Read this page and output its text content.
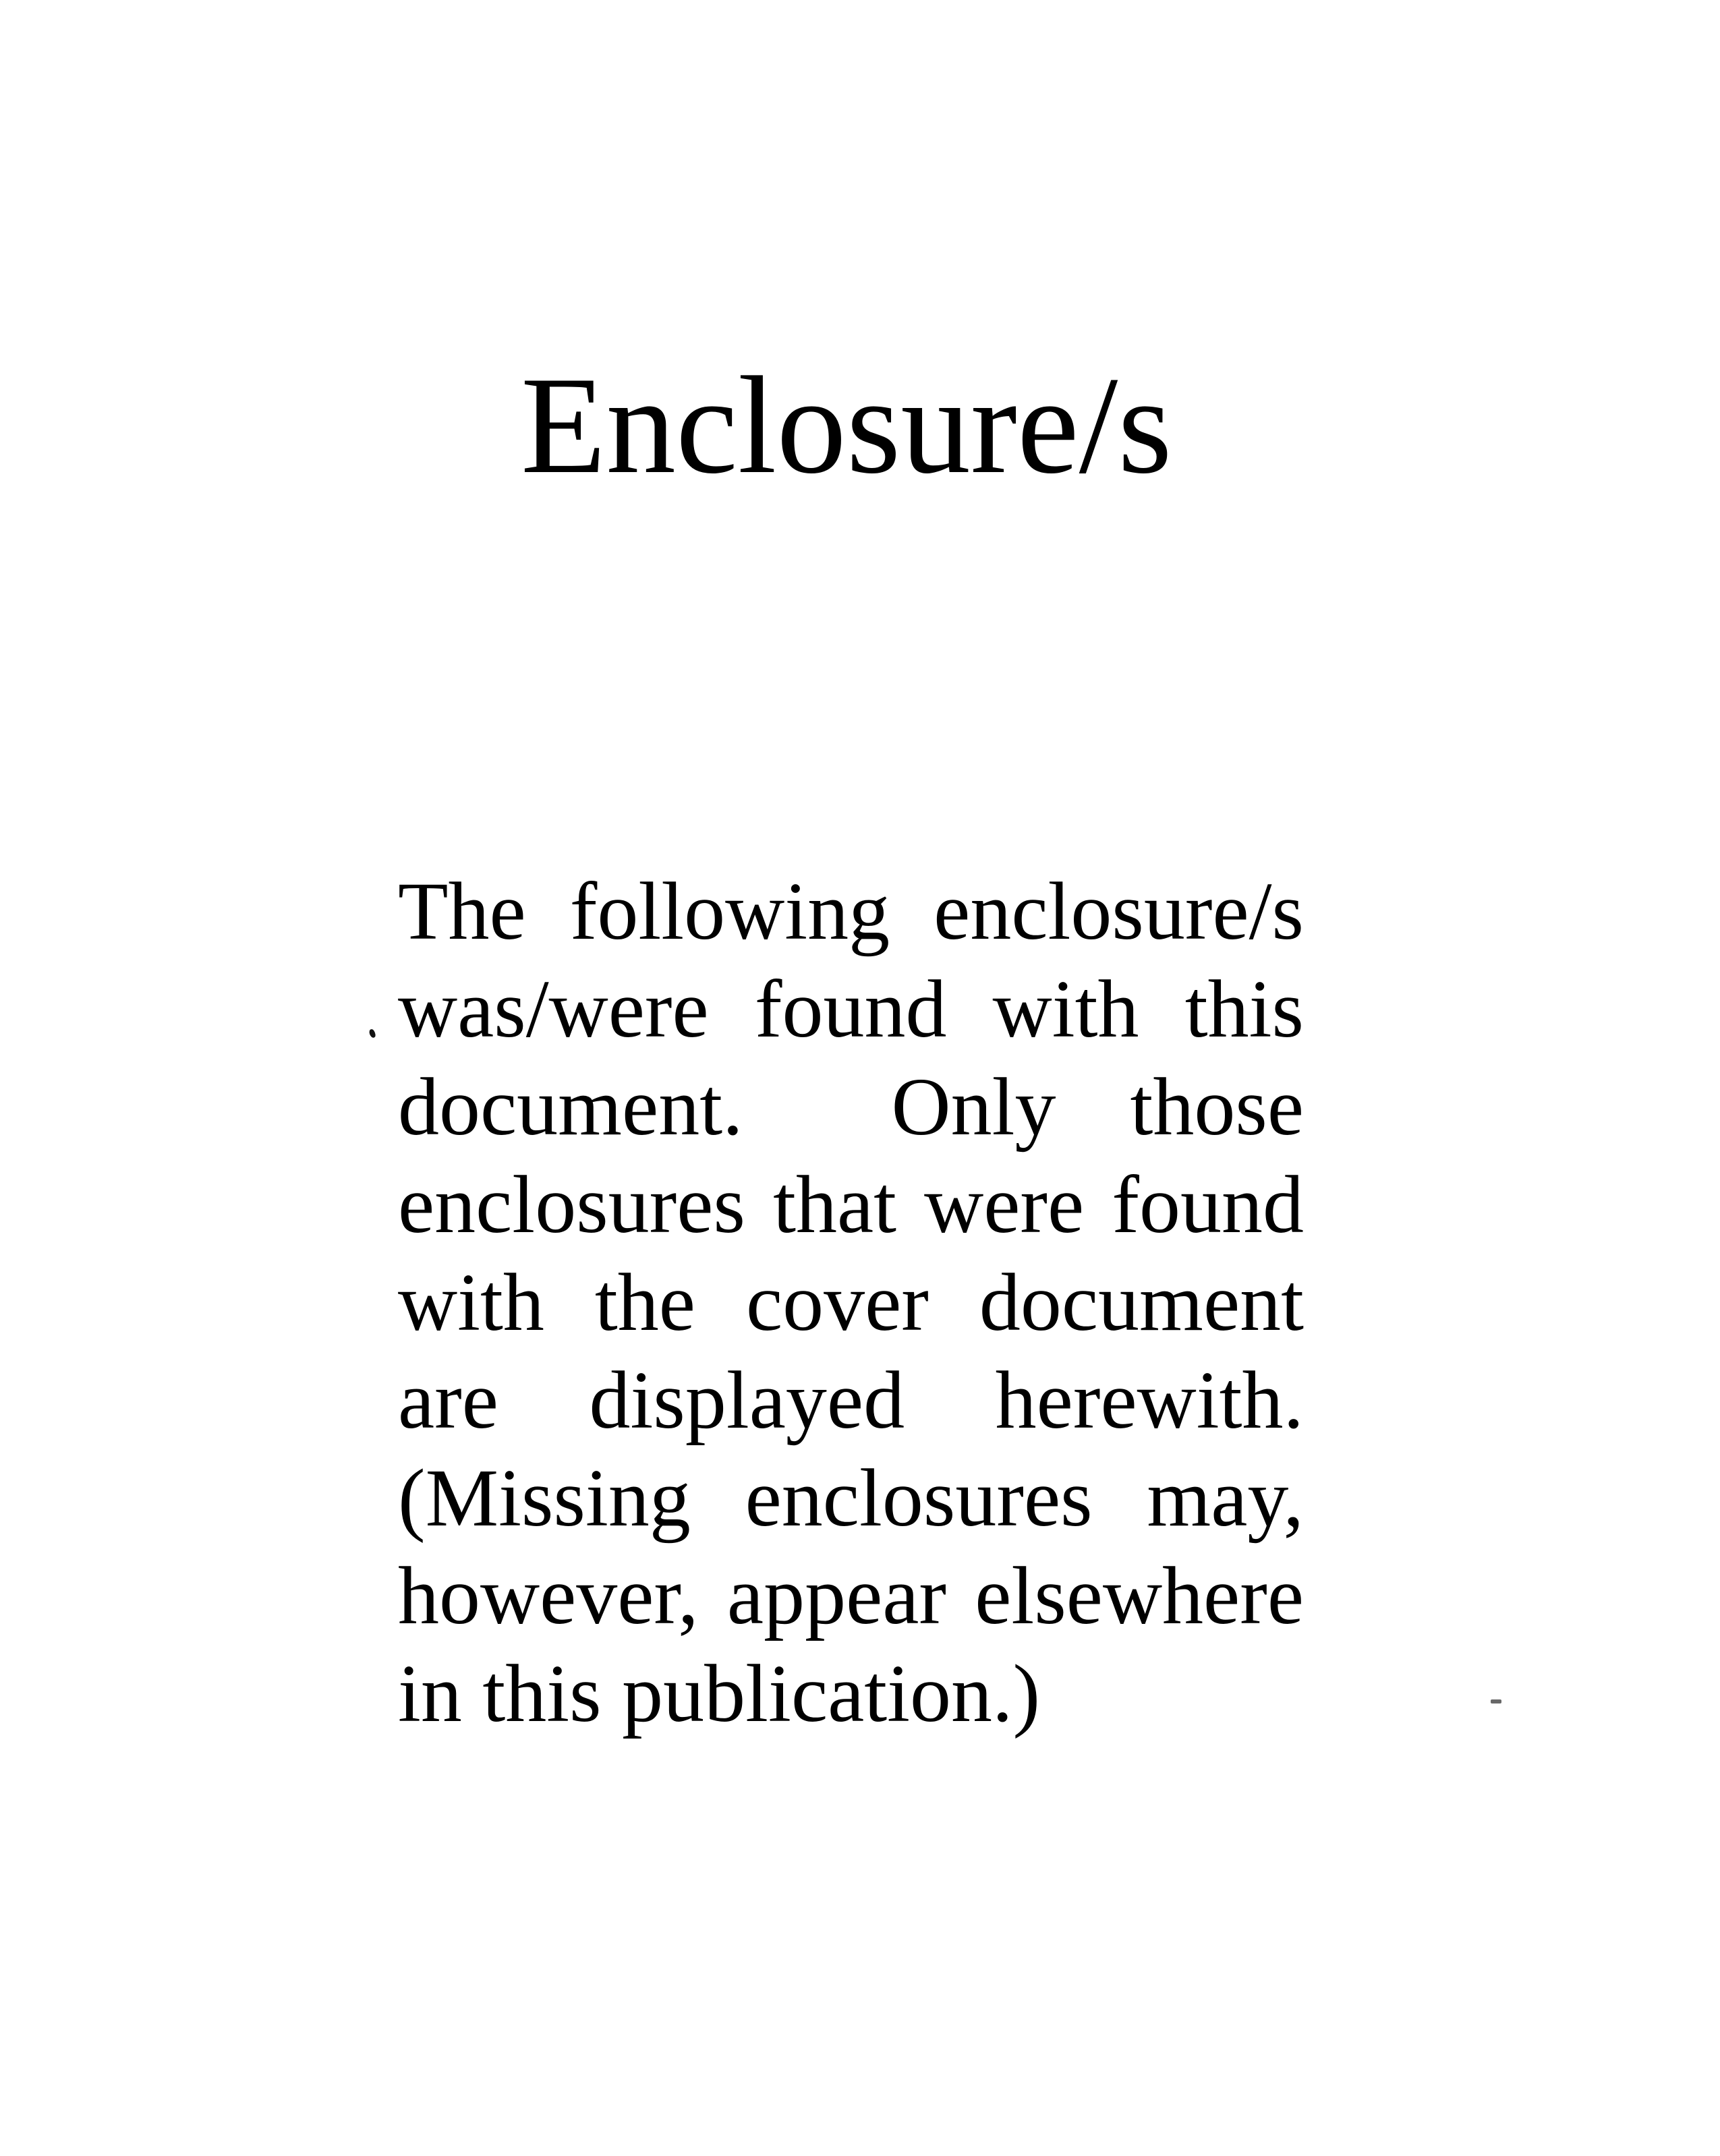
Enclosure/s
The following enclosure/s
was/were found with this
document.  Only those
enclosures that were found
with the cover document
are displayed herewith.
(Missing enclosures may,
however, appear elsewhere
in this publication.)
